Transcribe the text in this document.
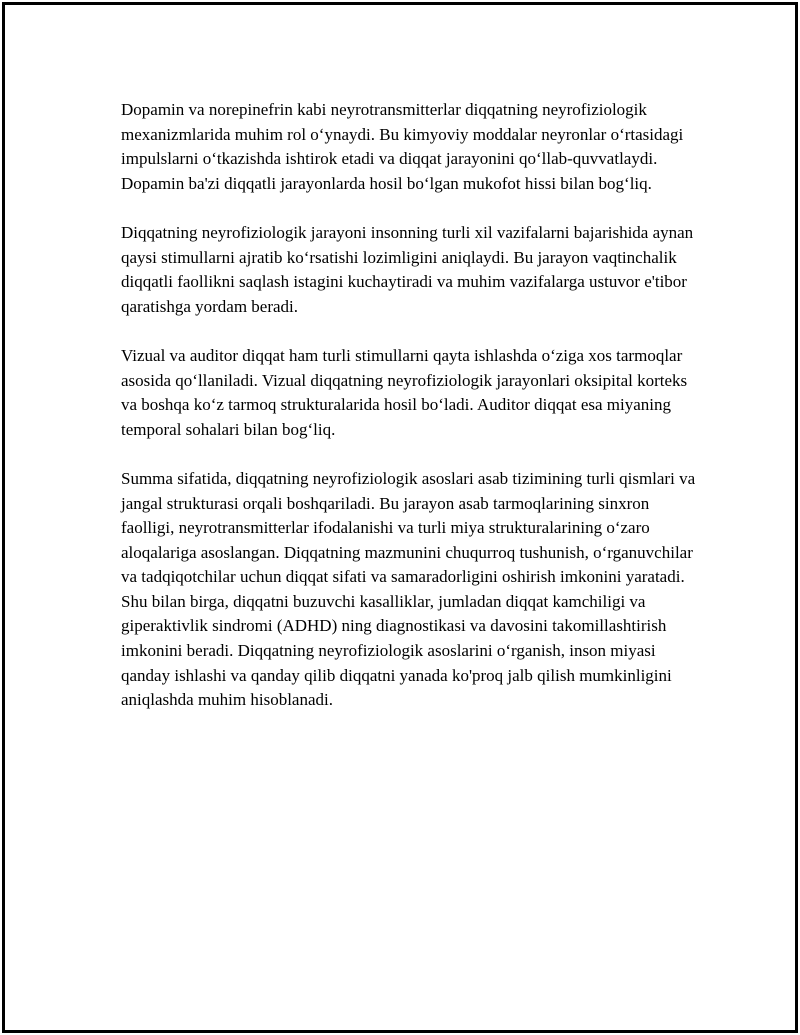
Dopamin va norepinefrin kabi neyrotransmitterlar diqqatning neyrofiziologik mexanizmlarida muhim rol o‘ynaydi. Bu kimyoviy moddalar neyronlar o‘rtasidagi impulslarni o‘tkazishda ishtirok etadi va diqqat jarayonini qo‘llab-quvvatlaydi. Dopamin ba'zi diqqatli jarayonlarda hosil bo‘lgan mukofot hissi bilan bog‘liq.

Diqqatning neyrofiziologik jarayoni insonning turli xil vazifalarni bajarishida aynan qaysi stimullarni ajratib ko‘rsatishi lozimligini aniqlaydi. Bu jarayon vaqtinchalik diqqatli faollikni saqlash istagini kuchaytiradi va muhim vazifalarga ustuvor e'tibor qaratishga yordam beradi.

Vizual va auditor diqqat ham turli stimullarni qayta ishlashda o‘ziga xos tarmoqlar asosida qo‘llaniladi. Vizual diqqatning neyrofiziologik jarayonlari oksipital korteks va boshqa ko‘z tarmoq strukturalarida hosil bo‘ladi. Auditor diqqat esa miyaning temporal sohalari bilan bog‘liq.

Summa sifatida, diqqatning neyrofiziologik asoslari asab tizimining turli qismlari va jangal strukturasi orqali boshqariladi. Bu jarayon asab tarmoqlarining sinxron faolligi, neyrotransmitterlar ifodalanishi va turli miya strukturalarining o‘zaro aloqalariga asoslangan. Diqqatning mazmunini chuqurroq tushunish, o‘rganuvchilar va tadqiqotchilar uchun diqqat sifati va samaradorligini oshirish imkonini yaratadi. Shu bilan birga, diqqatni buzuvchi kasalliklar, jumladan diqqat kamchiligi va giperaktivlik sindromi (ADHD) ning diagnostikasi va davosini takomillashtirish imkonini beradi. Diqqatning neyrofiziologik asoslarini o‘rganish, inson miyasi qanday ishlashi va qanday qilib diqqatni yanada ko'proq jalb qilish mumkinligini aniqlashda muhim hisoblanadi.
